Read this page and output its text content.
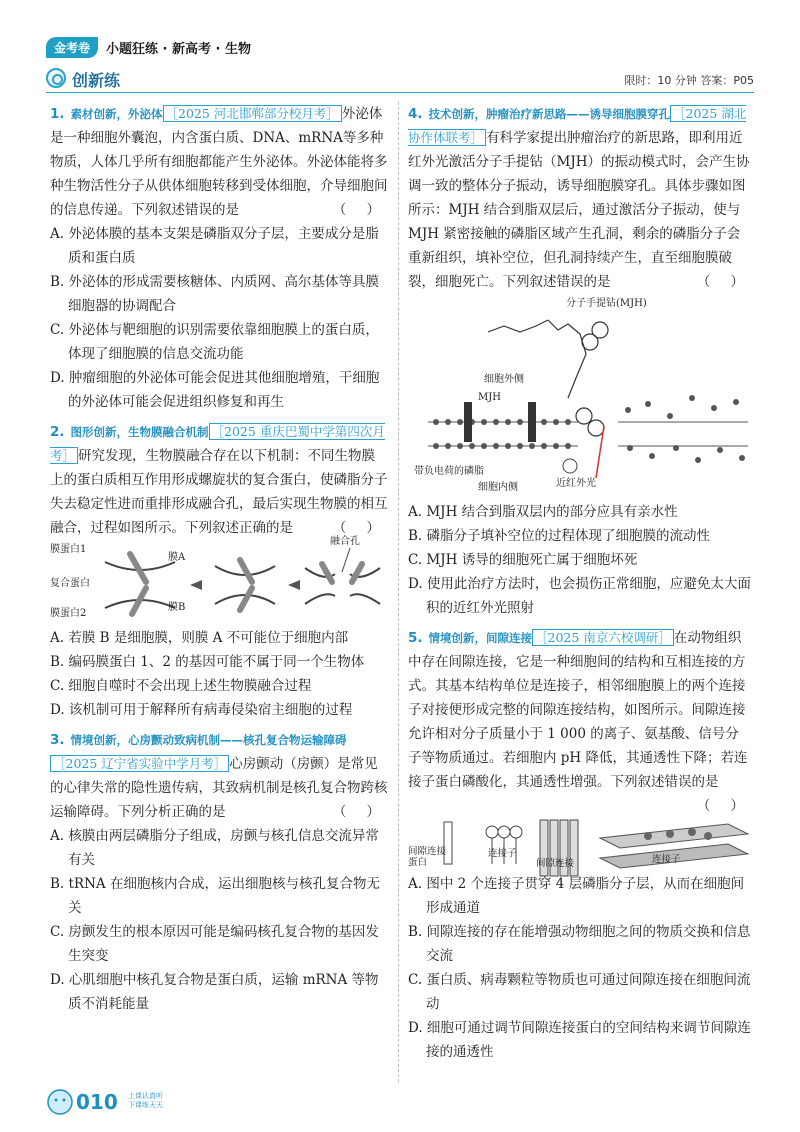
金考卷	小题狂练 · 新高考 · 生物
创新练	限时：10 分钟 答案：P05

1. 素材创新，外泌体 ［2025 河北邯郸部分校月考］ 外泌体是一种细胞外囊泡，内含蛋白质、DNA、mRNA等多种物质，人体几乎所有细胞都能产生外泌体。外泌体能将多种生物活性分子从供体细胞转移到受体细胞，介导细胞间的信息传递。下列叙述错误的是	（ ）

A. 外泌体膜的基本支架是磷脂双分子层，主要成分是脂质和蛋白质
B. 外泌体的形成需要核糖体、内质网、高尔基体等具膜细胞器的协调配合
C. 外泌体与靶细胞的识别需要依靠细胞膜上的蛋白质，体现了细胞膜的信息交流功能
D. 肿瘤细胞的外泌体可能会促进其他细胞增殖，干细胞的外泌体可能会促进组织修复和再生

2. 图形创新，生物膜融合机制 ［2025 重庆巴蜀中学第四次月考］ 研究发现，生物膜融合存在以下机制：不同生物膜上的蛋白质相互作用形成螺旋状的复合蛋白，使磷脂分子失去稳定性进而重排形成融合孔，最后实现生物膜的相互融合，过程如图所示。下列叙述正确的是	（ ）

膜蛋白1
膜A
复合蛋白
膜B
膜蛋白2
融合孔
A. 若膜 B 是细胞膜，则膜 A 不可能位于细胞内部
B. 编码膜蛋白 1、2 的基因可能不属于同一个生物体
C. 细胞自噬时不会出现上述生物膜融合过程
D. 该机制可用于解释所有病毒侵染宿主细胞的过程

3. 情境创新，心房颤动致病机制——核孔复合物运输障碍［2025 辽宁省实验中学月考］ 心房颤动（房颤）是常见的心律失常的隐性遗传病，其致病机制是核孔复合物跨核运输障碍。下列分析正确的是	（ ）

A. 核膜由两层磷脂分子组成，房颤与核孔信息交流异常有关
B. tRNA 在细胞核内合成，运出细胞核与核孔复合物无关
C. 房颤发生的根本原因可能是编码核孔复合物的基因发生突变
D. 心肌细胞中核孔复合物是蛋白质，运输 mRNA 等物质不消耗能量

4. 技术创新，肿瘤治疗新思路——诱导细胞膜穿孔 ［2025 湖北协作体联考］ 有科学家提出肿瘤治疗的新思路，即利用近红外光激活分子手提钻（MJH）的振动模式时，会产生协调一致的整体分子振动，诱导细胞膜穿孔。具体步骤如图所示：MJH 结合到脂双层后，通过激活分子振动，使与 MJH 紧密接触的磷脂区域产生孔洞，剩余的磷脂分子会重新组织，填补空位，但孔洞持续产生，直至细胞膜破裂，细胞死亡。下列叙述错误的是	（ ）

分子手提钻(MJH)
细胞外侧
MJH
带负电荷的磷脂
细胞内侧	近红外光
A. MJH 结合到脂双层内的部分应具有亲水性
B. 磷脂分子填补空位的过程体现了细胞膜的流动性
C. MJH 诱导的细胞死亡属于细胞坏死
D. 使用此治疗方法时，也会损伤正常细胞，应避免太大面积的近红外光照射

5. 情境创新，间隙连接 ［2025 南京六校调研］ 在动物组织中存在间隙连接，它是一种细胞间的结构和互相连接的方式。其基本结构单位是连接子，相邻细胞膜上的两个连接子对接便形成完整的间隙连接结构，如图所示。间隙连接允许相对分子质量小于 1 000 的离子、氨基酸、信号分子等物质通过。若细胞内 pH 降低，其通透性下降；若连接子蛋白磷酸化，其通透性增强。下列叙述错误的是
（ ）

间隙连接蛋白
连接子
间隙连接	连接子
A. 图中 2 个连接子贯穿 4 层磷脂分子层，从而在细胞间形成通道
B. 间隙连接的存在能增强动物细胞之间的物质交换和信息交流
C. 蛋白质、病毒颗粒等物质也可通过间隙连接在细胞间流动
D. 细胞可通过调节间隙连接蛋白的空间结构来调节间隙连接的通透性
010 上课认真听
下课练天天
